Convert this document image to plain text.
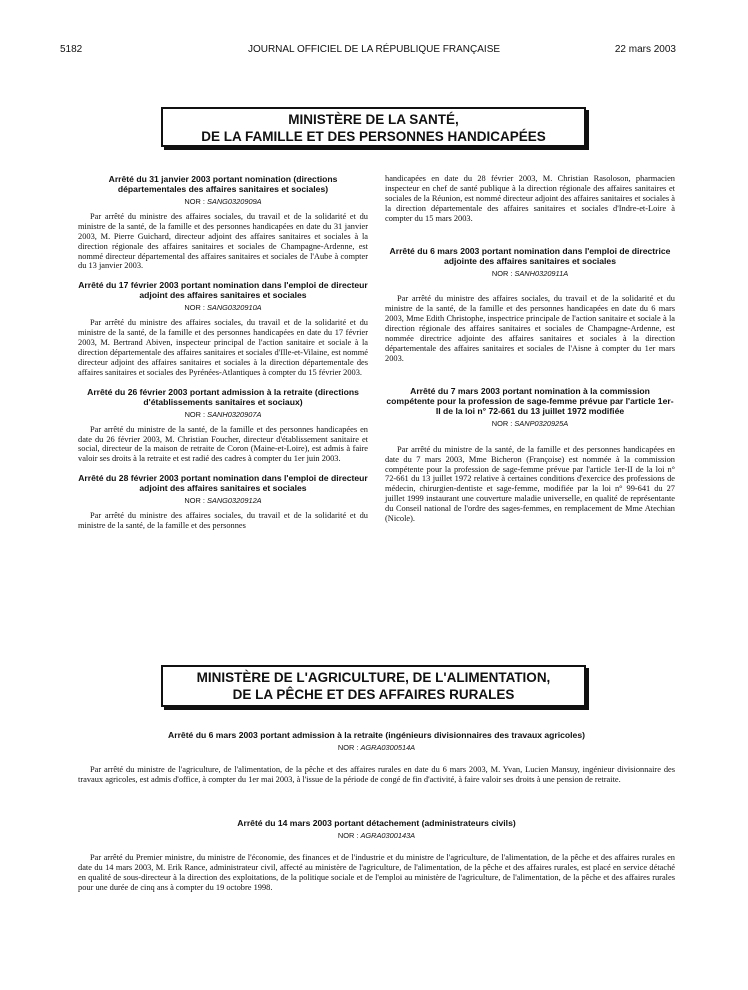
5182	JOURNAL OFFICIEL DE LA RÉPUBLIQUE FRANÇAISE	22 mars 2003
MINISTÈRE DE LA SANTÉ,
DE LA FAMILLE ET DES PERSONNES HANDICAPÉES

Arrêté du 31 janvier 2003 portant nomination (directions départementales des affaires sanitaires et sociales)

NOR : SANG0320909A

Par arrêté du ministre des affaires sociales, du travail et de la solidarité et du ministre de la santé, de la famille et des personnes handicapées en date du 31 janvier 2003, M. Pierre Guichard, directeur adjoint des affaires sanitaires et sociales à la direction régionale des affaires sanitaires et sociales de Champagne-Ardenne, est nommé directeur départemental des affaires sanitaires et sociales de l'Aube à compter du 13 janvier 2003.

Arrêté du 17 février 2003 portant nomination dans l'emploi de directeur adjoint des affaires sanitaires et sociales

NOR : SANG0320910A

Par arrêté du ministre des affaires sociales, du travail et de la solidarité et du ministre de la santé, de la famille et des personnes handicapées en date du 17 février 2003, M. Bertrand Abiven, inspecteur principal de l'action sanitaire et sociale à la direction départementale des affaires sanitaires et sociales d'Ille-et-Vilaine, est nommé directeur adjoint des affaires sanitaires et sociales à la direction départementale des affaires sanitaires et sociales des Pyrénées-Atlantiques à compter du 15 février 2003.

Arrêté du 26 février 2003 portant admission à la retraite (directions d'établissements sanitaires et sociaux)

NOR : SANH0320907A

Par arrêté du ministre de la santé, de la famille et des personnes handicapées en date du 26 février 2003, M. Christian Foucher, directeur d'établissement sanitaire et social, directeur de la maison de retraite de Coron (Maine-et-Loire), est admis à faire valoir ses droits à la retraite et est radié des cadres à compter du 1er juin 2003.

Arrêté du 28 février 2003 portant nomination dans l'emploi de directeur adjoint des affaires sanitaires et sociales

NOR : SANG0320912A

Par arrêté du ministre des affaires sociales, du travail et de la solidarité et du ministre de la santé, de la famille et des personnes

handicapées en date du 28 février 2003, M. Christian Rasoloson, pharmacien inspecteur en chef de santé publique à la direction régionale des affaires sanitaires et sociales de la Réunion, est nommé directeur adjoint des affaires sanitaires et sociales à la direction départementale des affaires sanitaires et sociales d'Indre-et-Loire à compter du 15 mars 2003.

Arrêté du 6 mars 2003 portant nomination dans l'emploi de directrice adjointe des affaires sanitaires et sociales

NOR : SANH0320911A

Par arrêté du ministre des affaires sociales, du travail et de la solidarité et du ministre de la santé, de la famille et des personnes handicapées en date du 6 mars 2003, Mme Edith Christophe, inspectrice principale de l'action sanitaire et sociale à la direction régionale des affaires sanitaires et sociales de Champagne-Ardenne, est nommée directrice adjointe des affaires sanitaires et sociales à la direction départementale des affaires sanitaires et sociales de l'Aisne à compter du 1er mars 2003.

Arrêté du 7 mars 2003 portant nomination à la commission compétente pour la profession de sage-femme prévue par l'article 1er-II de la loi n° 72-661 du 13 juillet 1972 modifiée

NOR : SANP0320925A

Par arrêté du ministre de la santé, de la famille et des personnes handicapées en date du 7 mars 2003, Mme Bicheron (Françoise) est nommée à la commission compétente pour la profession de sage-femme prévue par l'article 1er-II de la loi n° 72-661 du 13 juillet 1972 relative à certaines conditions d'exercice des professions de médecin, chirurgien-dentiste et sage-femme, modifiée par la loi n° 99-641 du 27 juillet 1999 instaurant une couverture maladie universelle, en qualité de représentante du Conseil national de l'ordre des sages-femmes, en remplacement de Mme Atechian (Nicole).

MINISTÈRE DE L'AGRICULTURE, DE L'ALIMENTATION,
DE LA PÊCHE ET DES AFFAIRES RURALES

Arrêté du 6 mars 2003 portant admission à la retraite (ingénieurs divisionnaires des travaux agricoles)

NOR : AGRA0300514A

Par arrêté du ministre de l'agriculture, de l'alimentation, de la pêche et des affaires rurales en date du 6 mars 2003, M. Yvan, Lucien Mansuy, ingénieur divisionnaire des travaux agricoles, est admis d'office, à compter du 1er mai 2003, à l'issue de la période de congé de fin d'activité, à faire valoir ses droits à une pension de retraite.

Arrêté du 14 mars 2003 portant détachement (administrateurs civils)

NOR : AGRA0300143A

Par arrêté du Premier ministre, du ministre de l'économie, des finances et de l'industrie et du ministre de l'agriculture, de l'alimentation, de la pêche et des affaires rurales en date du 14 mars 2003, M. Erik Rance, administrateur civil, affecté au ministère de l'agriculture, de l'alimentation, de la pêche et des affaires rurales, est placé en service détaché en qualité de sous-directeur à la direction des exploitations, de la politique sociale et de l'emploi au ministère de l'agriculture, de l'alimentation, de la pêche et des affaires rurales pour une durée de cinq ans à compter du 19 octobre 1998.
